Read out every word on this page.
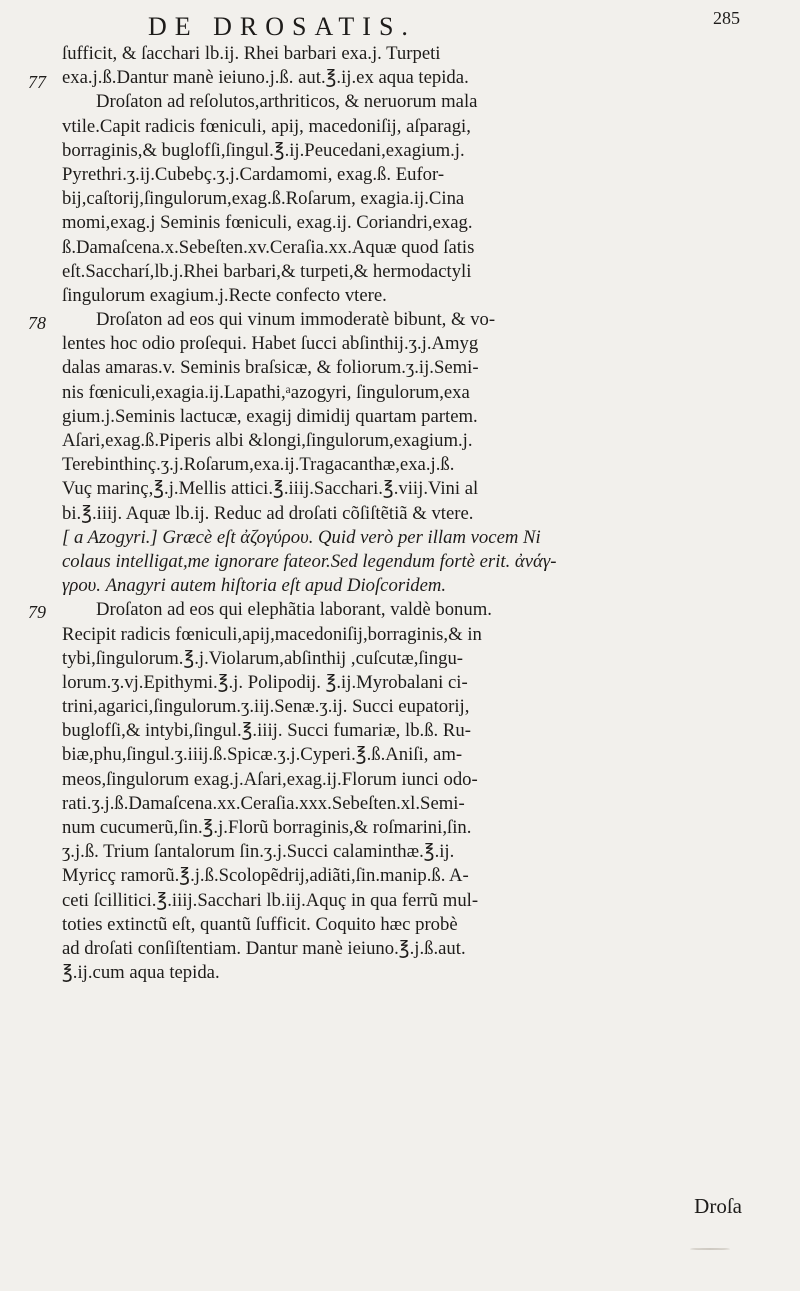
DE DROSATIS.	285
77
78
79
ſufficit, & ſacchari lb.ij. Rhei barbari exa.j. Turpeti
exa.j.ß.Dantur manè ieiuno.j.ß. aut.℥.ij.ex aqua tepida.
Droſaton ad reſolutos,arthriticos, & neruorum mala
vtile.Capit radicis fœniculi, apij, macedoniſij, aſparagi,
borraginis,& buglofſi,ſingul.℥.ij.Peucedani,exagium.j.
Pyrethri.ʒ.ij.Cubebç.ʒ.j.Cardamomi, exag.ß. Eufor-
bij,caſtorij,ſingulorum,exag.ß.Roſarum, exagia.ij.Cina
momi,exag.j Seminis fœniculi, exag.ij. Coriandri,exag.
ß.Damaſcena.x.Sebeſten.xv.Ceraſia.xx.Aquæ quod ſatis
eſt.Saccharí,lb.j.Rhei barbari,& turpeti,& hermodactyli
ſingulorum exagium.j.Recte confecto vtere.
Droſaton ad eos qui vinum immoderatè bibunt, & vo-
lentes hoc odio proſequi. Habet ſucci abſinthij.ʒ.j.Amyg
dalas amaras.v. Seminis braſsicæ, & foliorum.ʒ.ij.Semi-
nis fœniculi,exagia.ij.Lapathi,ᵃazogyri, ſingulorum,exa
gium.j.Seminis lactucæ, exagij dimidij quartam partem.
Aſari,exag.ß.Piperis albi &longi,ſingulorum,exagium.j.
Terebinthinç.ʒ.j.Roſarum,exa.ij.Tragacanthæ,exa.j.ß.
Vuç marinç,℥.j.Mellis attici.℥.iiij.Sacchari.℥.viij.Vini al
bi.℥.iiij. Aquæ lb.ij. Reduc ad droſati cõſiſtẽtiã & vtere.
[ a Azogyri.] Græcè eſt ἀζογύρου. Quid verò per illam vocem Ni
colaus intelligat,me ignorare fateor.Sed legendum fortè erit. ἀνάγ-
γρου. Anagyri autem hiſtoria eſt apud Dioſcoridem.
Droſaton ad eos qui elephãtia laborant, valdè bonum.
Recipit radicis fœniculi,apij,macedoniſij,borraginis,& in
tybi,ſingulorum.℥.j.Violarum,abſinthij ,cuſcutæ,ſingu-
lorum.ʒ.vj.Epithymi.℥.j. Polipodij. ℥.ij.Myrobalani ci-
trini,agarici,ſingulorum.ʒ.iij.Senæ.ʒ.ij. Succi eupatorij,
buglofſi,& intybi,ſingul.℥.iiij. Succi fumariæ, lb.ß. Ru-
biæ,phu,ſingul.ʒ.iiij.ß.Spicæ.ʒ.j.Cyperi.℥.ß.Aniſi, am-
meos,ſingulorum exag.j.Aſari,exag.ij.Florum iunci odo-
rati.ʒ.j.ß.Damaſcena.xx.Ceraſia.xxx.Sebeſten.xl.Semi-
num cucumerũ,ſin.℥.j.Florũ borraginis,& roſmarini,ſin.
ʒ.j.ß. Trium ſantalorum ſin.ʒ.j.Succi calaminthæ.℥.ij.
Myricç ramorũ.℥.j.ß.Scolopẽdrij,adiãti,ſin.manip.ß. A-
ceti ſcillitici.℥.iiij.Sacchari lb.iij.Aquç in qua ferrũ mul-
toties extinctũ eſt, quantũ ſufficit. Coquito hæc probè
ad droſati conſiſtentiam. Dantur manè ieiuno.℥.j.ß.aut.
℥.ij.cum aqua tepida.
Droſa
